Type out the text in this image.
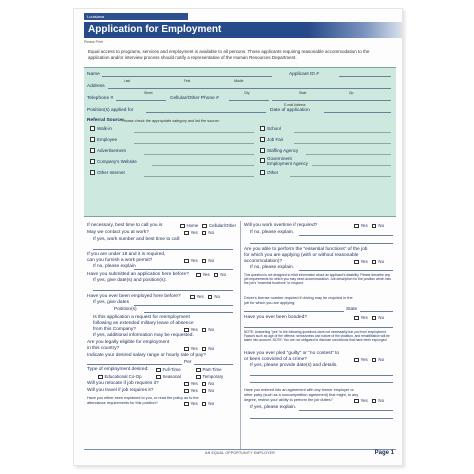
Louisiana
Application for Employment
Please Print
Equal access to programs, services and employment is available to all persons. Those applicants requiring reasonable accommodation to the application and/or interview process should notify a representative of the Human Resources Department.
Name	Applicant ID #
Last	First	Middle
Address
Street	City	State	Zip
Telephone #	Cellular/Other Phone #
E-mail Address
Position(s) applied for	Date of application
Referral Source:
Please check the appropriate category and list the source:
Walk-in
Employee
Advertisement
Company's Website
Other Internet
School
Job Fair
Staffing Agency
Government Employment Agency
Other
If necessary, best time to call you is	Home Cellular/Other
May we contact you at work?	Yes No
If yes, work number and best time to call:
If you are under 18 and it is required,
can you furnish a work permit?	Yes No
If no, please explain
Have you submitted an application here before?	Yes No
If yes, give date(s) and position(s):
Have you ever been employed here before?	Yes No
If yes, give dates
Position(s)
Is this application a request for reemployment
following an extended military leave of absence
from this Company?	Yes No
If yes, additional information may be requested.
Are you legally eligible for employment
in this country?	Yes No
Indicate your desired salary range or hourly rate of pay?
Per
Type of employment desired:	Full-Time	Part-Time
Educational Co-Op	Seasonal	Temporary
Will you relocate if job requires it?	Yes No
Will you travel if job requires it?	Yes No
Have you either been explained to you, or read the policy as to the
attendance requirements for this position?	Yes No
Will you work overtime if required?	Yes No
If no, please explain.
Are you able to perform the "essential functions" of the job
for which you are applying (with or without reasonable
accommodation)?	Yes No
If no, please explain.
This question is not designed to elicit information about an applicant's disability. Please describe any job requirements for which you may need accommodation. Job description for the position which lists the job's "essential functions" to respond.
Driver's license number required if driving may be required in the
job for which you are applying:
State
Have you ever been bonded?	Yes No
NOTE: Answering "yes" to the following questions does not necessarily bar you from employment. Factors such as age of the offense, seriousness and nature of the violation, and rehabilitation will be taken into account. NOTE: You are not obligated to disclose convictions that have been expunged.
Have you ever pled "guilty" or "no contest" to
or been convicted of a crime?	Yes No
If yes, please provide date(s) and details.
Have you entered into an agreement with any former employer or
other party (such as a noncompetition agreement) that might, to any
degree, restrict your ability to perform the job duties?	Yes No
If yes, please explain.
AN EQUAL OPPORTUNITY EMPLOYER	Page 1
